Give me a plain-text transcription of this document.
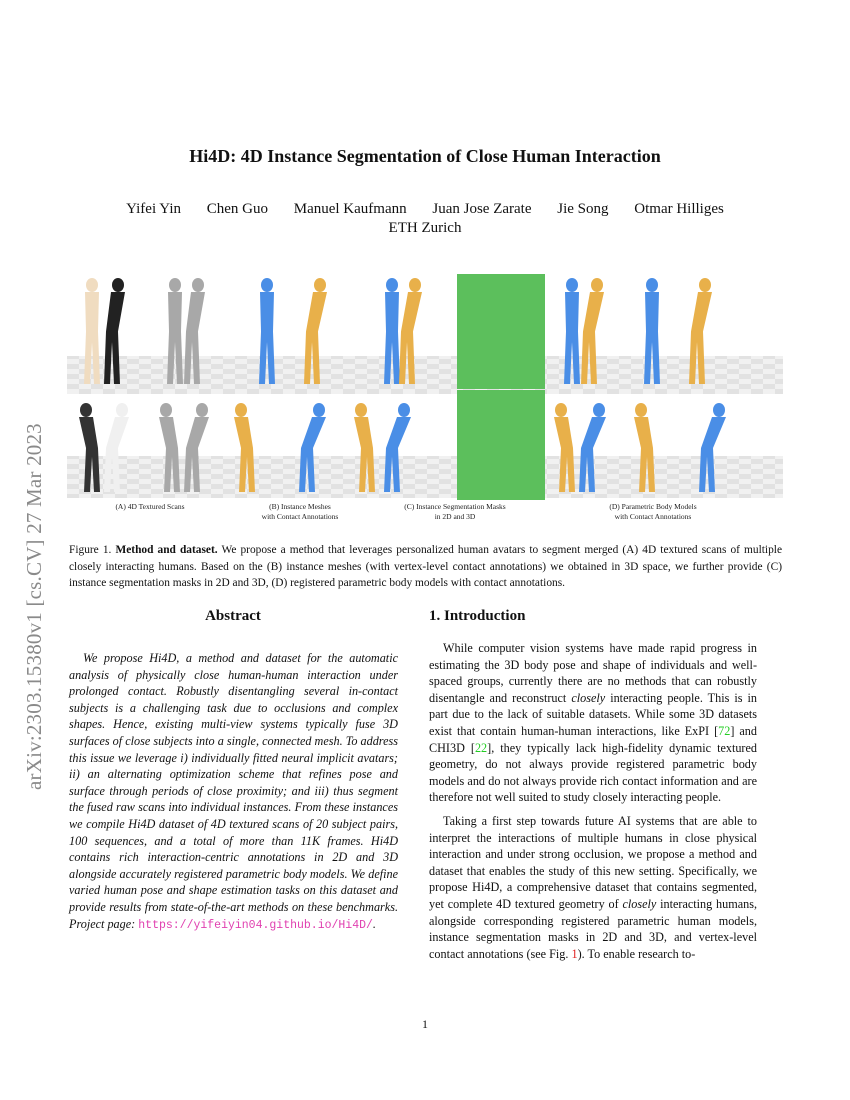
Hi4D: 4D Instance Segmentation of Close Human Interaction
Yifei Yin Chen Guo Manuel Kaufmann Juan Jose Zarate Jie Song Otmar Hilliges
ETH Zurich
arXiv:2303.15380v1 [cs.CV] 27 Mar 2023	(A) 4D Textured Scans	(B) Instance Meshes
with Contact Annotations
(C) Instance Segmentation Masks
in 2D and 3D
(D) Parametric Body Models
with Contact Annotations
Figure 1. Method and dataset. We propose a method that leverages personalized human avatars to segment merged (A) 4D textured scans of multiple closely interacting humans. Based on the (B) instance meshes (with vertex-level contact annotations) we obtained in 3D space, we further provide (C) instance segmentation masks in 2D and 3D, (D) registered parametric body models with contact annotations.
Abstract

We propose Hi4D, a method and dataset for the automatic analysis of physically close human-human interaction under prolonged contact. Robustly disentangling several in-contact subjects is a challenging task due to occlusions and complex shapes. Hence, existing multi-view systems typically fuse 3D surfaces of close subjects into a single, connected mesh. To address this issue we leverage i) individually fitted neural implicit avatars; ii) an alternating optimization scheme that refines pose and surface through periods of close proximity; and iii) thus segment the fused raw scans into individual instances. From these instances we compile Hi4D dataset of 4D textured scans of 20 subject pairs, 100 sequences, and a total of more than 11K frames. Hi4D contains rich interaction-centric annotations in 2D and 3D alongside accurately registered parametric body models. We define varied human pose and shape estimation tasks on this dataset and provide results from state-of-the-art methods on these benchmarks. Project page: https://yifeiyin04.github.io/Hi4D/.

1. Introduction

While computer vision systems have made rapid progress in estimating the 3D body pose and shape of individuals and well-spaced groups, currently there are no methods that can robustly disentangle and reconstruct closely interacting people. This is in part due to the lack of suitable datasets. While some 3D datasets exist that contain human-human interactions, like ExPI [72] and CHI3D [22], they typically lack high-fidelity dynamic textured geometry, do not always provide registered parametric body models and do not always provide rich contact information and are therefore not well suited to study closely interacting people.

Taking a first step towards future AI systems that are able to interpret the interactions of multiple humans in close physical interaction and under strong occlusion, we propose a method and dataset that enables the study of this new setting. Specifically, we propose Hi4D, a comprehensive dataset that contains segmented, yet complete 4D textured geometry of closely interacting humans, alongside corresponding registered parametric human models, instance segmentation masks in 2D and 3D, and vertex-level contact annotations (see Fig. 1). To enable research to-

1
